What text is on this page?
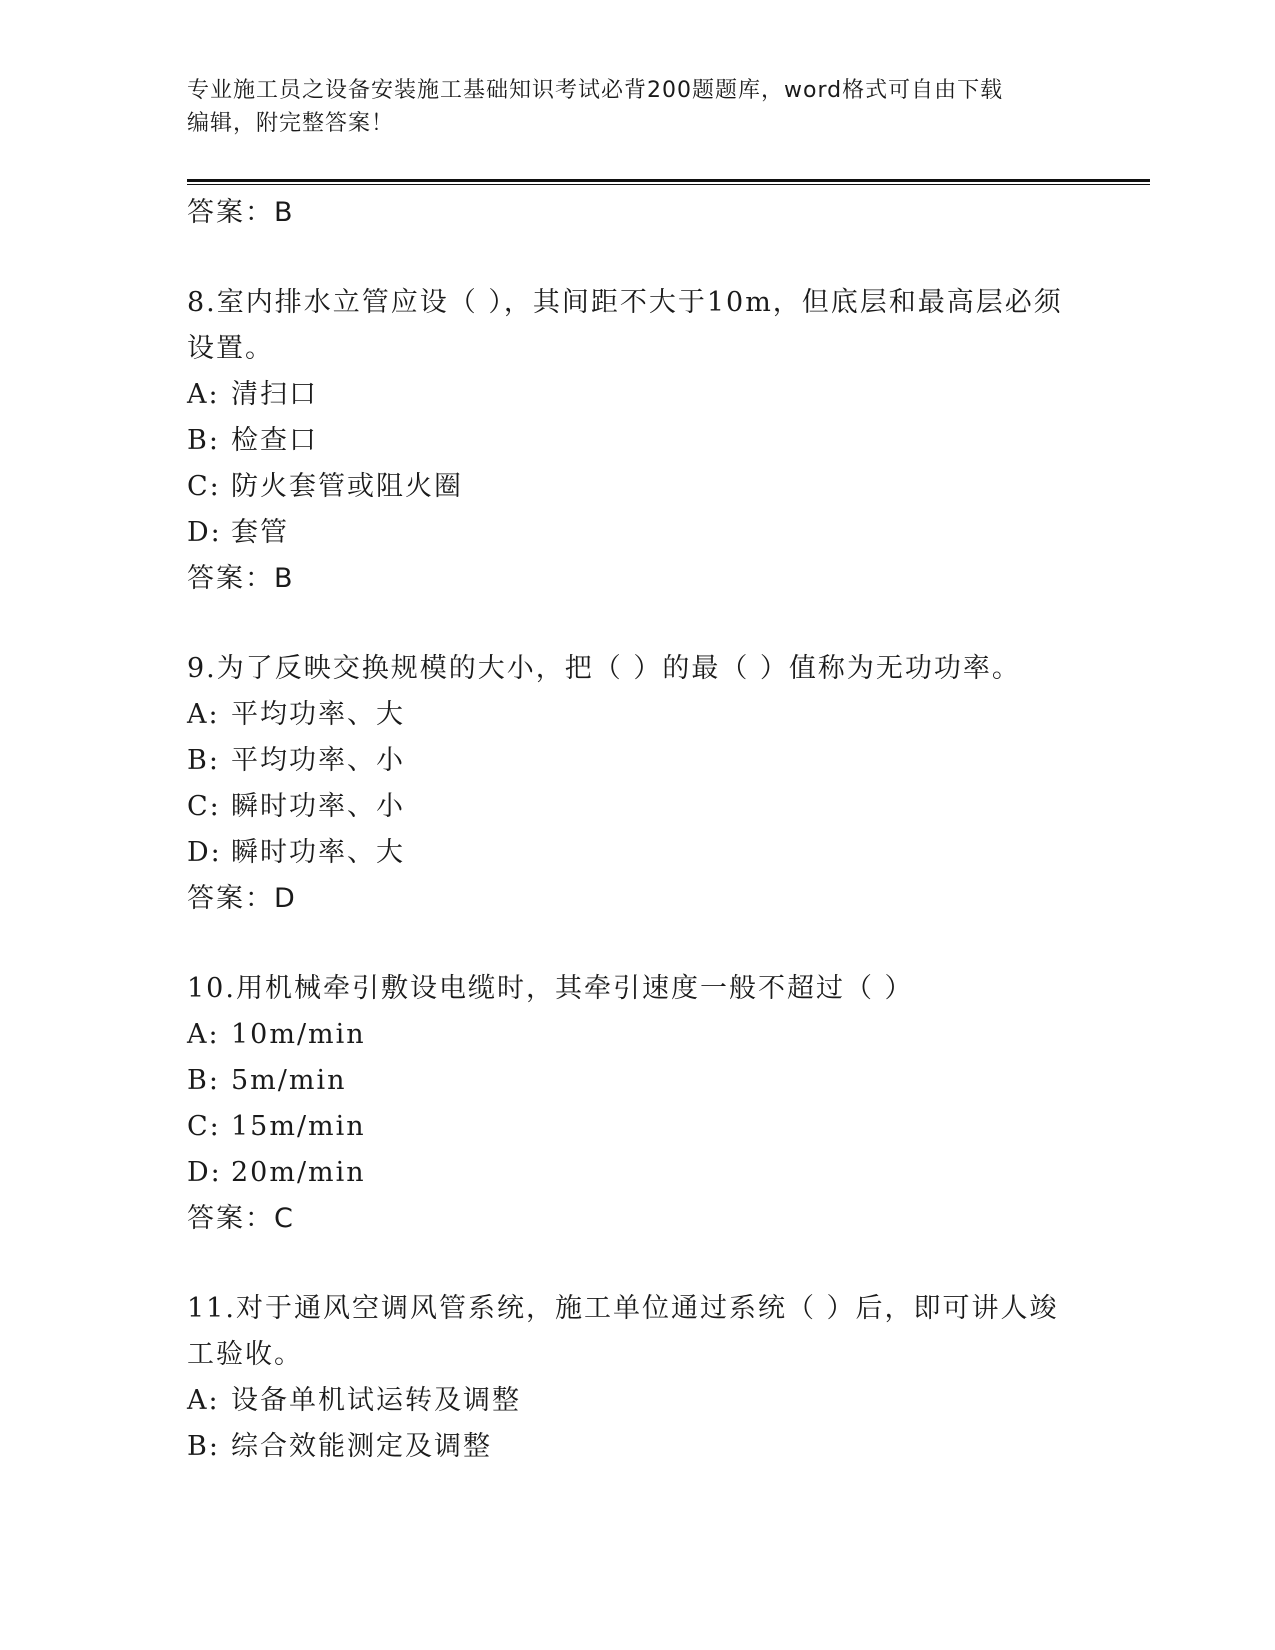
专业施工员之设备安装施工基础知识考试必背200题题库，word格式可自由下载
编辑，附完整答案！
答案：B
8.室内排水立管应设（ ），其间距不大于10m，但底层和最高层必须
设置。
A: 清扫口
B: 检查口
C: 防火套管或阻火圈
D: 套管
答案：B
9.为了反映交换规模的大小，把（ ）的最（ ）值称为无功功率。
A: 平均功率、大
B: 平均功率、小
C: 瞬时功率、小
D: 瞬时功率、大
答案：D
10.用机械牵引敷设电缆时，其牵引速度一般不超过（ ）
A: 10m/min
B: 5m/min
C: 15m/min
D: 20m/min
答案：C
11.对于通风空调风管系统，施工单位通过系统（ ）后，即可讲人竣
工验收。
A: 设备单机试运转及调整
B: 综合效能测定及调整
